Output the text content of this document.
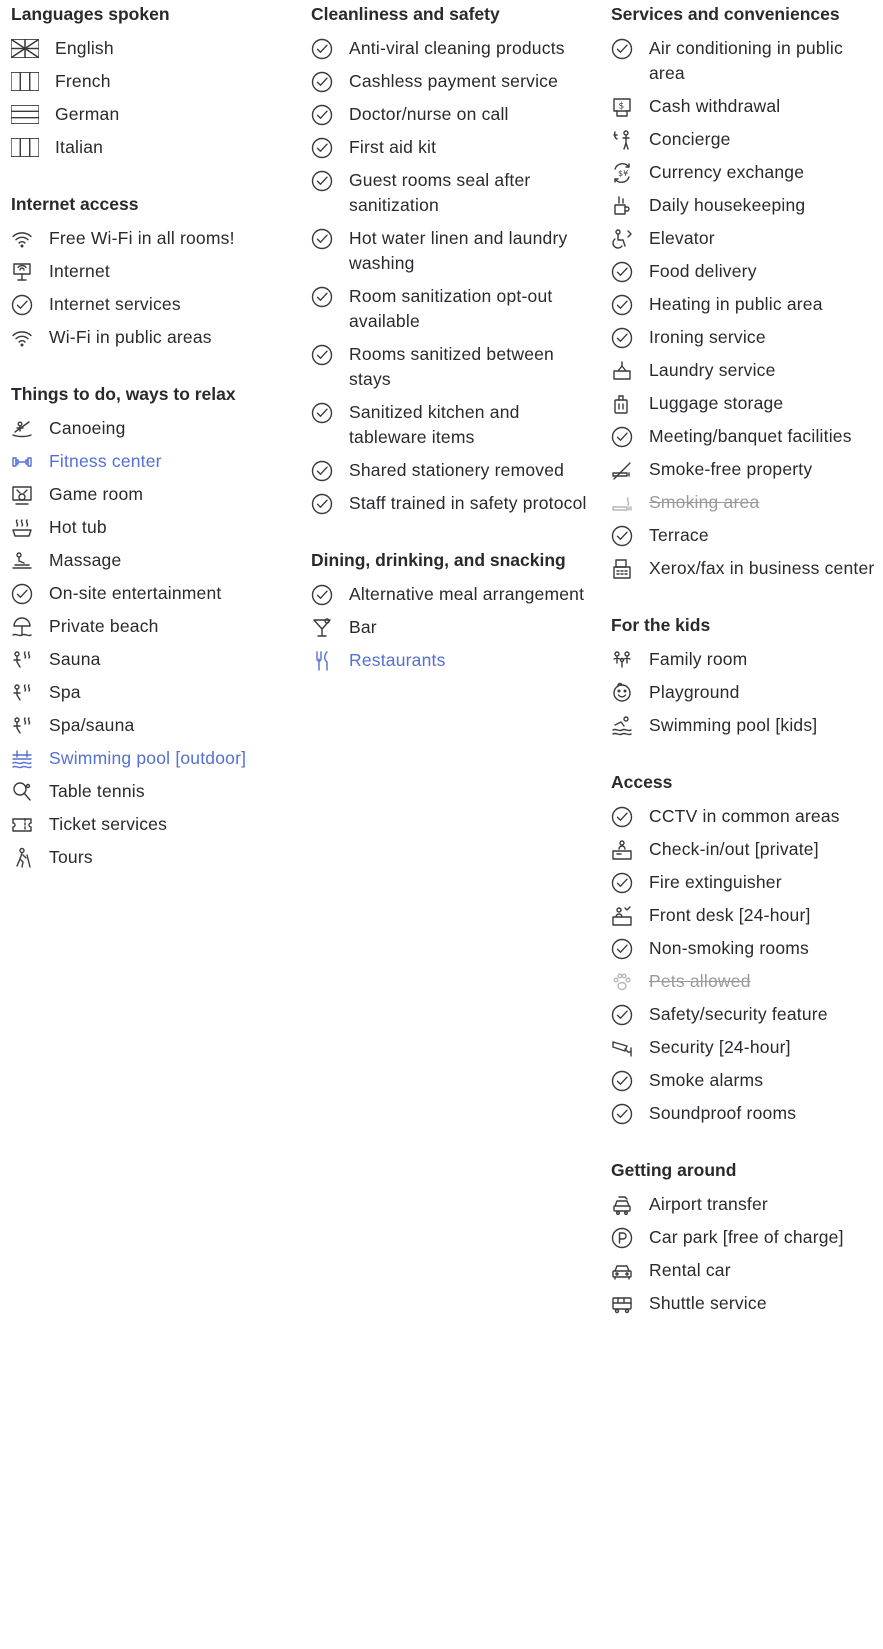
Languages spoken
English
French
German
Italian
Internet access
Free Wi-Fi in all rooms!
Internet
Internet services
Wi-Fi in public areas
Things to do, ways to relax
Canoeing
Fitness center
Game room
Hot tub
Massage
On-site entertainment
Private beach
Sauna
Spa
Spa/sauna
Swimming pool [outdoor]
Table tennis
Ticket services
Tours
Cleanliness and safety
Anti-viral cleaning products
Cashless payment service
Doctor/nurse on call
First aid kit
Guest rooms seal after sanitization
Hot water linen and laundry washing
Room sanitization opt-out available
Rooms sanitized between stays
Sanitized kitchen and tableware items
Shared stationery removed
Staff trained in safety protocol
Dining, drinking, and snacking
Alternative meal arrangement
Bar
Restaurants
Services and conveniences
Air conditioning in public area
$ Cash withdrawal
Concierge
$¥ Currency exchange
Daily housekeeping
Elevator
Food delivery
Heating in public area
Ironing service
Laundry service
Luggage storage
Meeting/banquet facilities
Smoke-free property
Smoking area
Terrace
Xerox/fax in business center
For the kids
Family room
Playground
Swimming pool [kids]
Access
CCTV in common areas
Check-in/out [private]
Fire extinguisher
Front desk [24-hour]
Non-smoking rooms
Pets allowed
Safety/security feature
Security [24-hour]
Smoke alarms
Soundproof rooms
Getting around
Airport transfer
Car park [free of charge]
Rental car
Shuttle service
